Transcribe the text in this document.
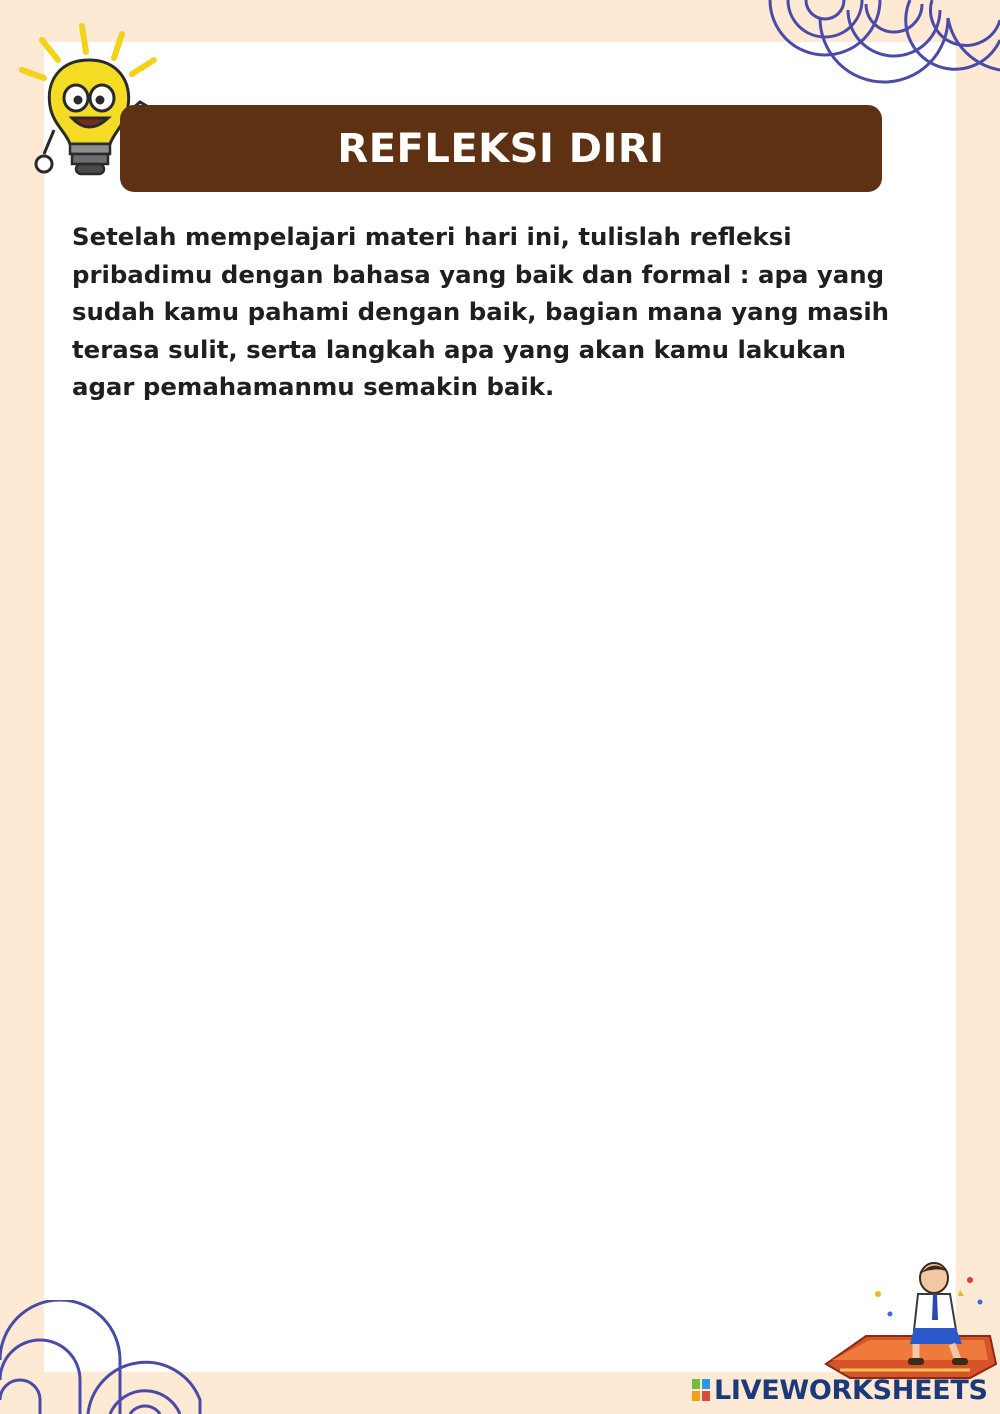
REFLEKSI DIRI

Setelah mempelajari materi hari ini, tulislah refleksi pribadimu dengan bahasa yang baik dan formal : apa yang sudah kamu pahami dengan baik, bagian mana yang masih terasa sulit, serta langkah apa yang akan kamu lakukan agar pemahamanmu semakin baik.

LIVEWORKSHEETS
